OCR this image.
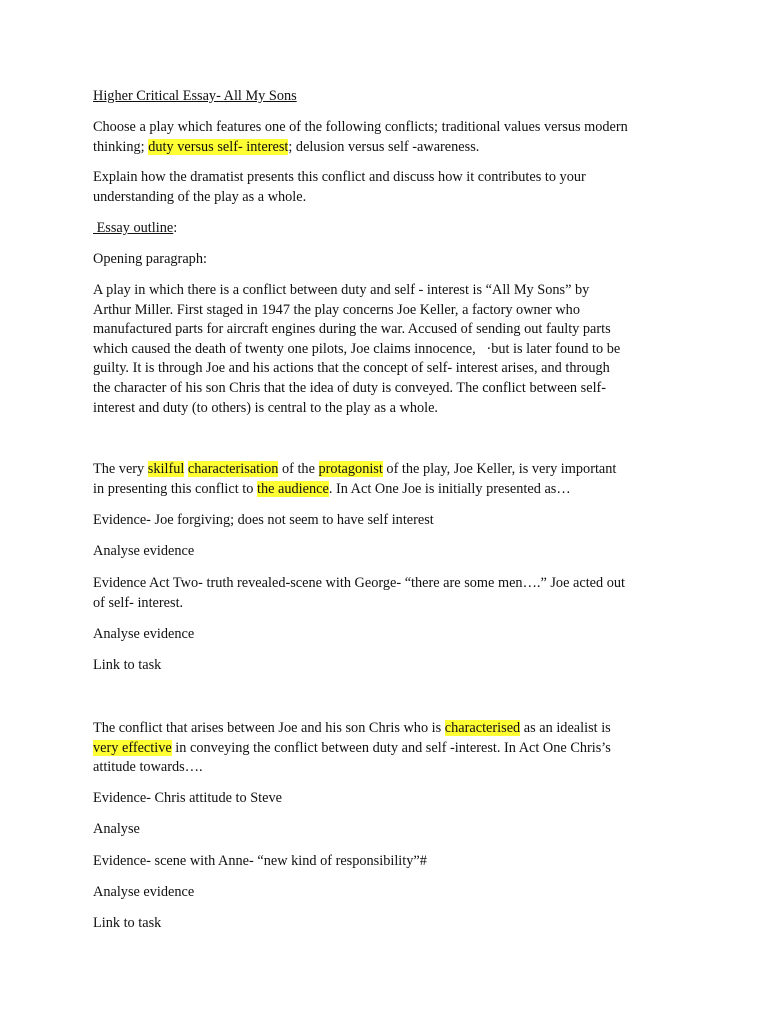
Higher Critical Essay- All My Sons

Choose a play which features one of the following conflicts; traditional values versus modern
thinking; duty versus self- interest; delusion versus self -awareness.

Explain how the dramatist presents this conflict and discuss how it contributes to your
understanding of the play as a whole.

Essay outline:

Opening paragraph:

A play in which there is a conflict between duty and self - interest is “All My Sons” by
Arthur Miller. First staged in 1947 the play concerns Joe Keller, a factory owner who
manufactured parts for aircraft engines during the war. Accused of sending out faulty parts
which caused the death of twenty one pilots, Joe claims innocence,   ·but is later found to be
guilty. It is through Joe and his actions that the concept of self- interest arises, and through
the character of his son Chris that the idea of duty is conveyed. The conflict between self-
interest and duty (to others) is central to the play as a whole.

The very skilful characterisation of the protagonist of the play, Joe Keller, is very important
in presenting this conflict to the audience. In Act One Joe is initially presented as…

Evidence- Joe forgiving; does not seem to have self interest

Analyse evidence

Evidence Act Two- truth revealed-scene with George- “there are some men….” Joe acted out
of self- interest.

Analyse evidence

Link to task

The conflict that arises between Joe and his son Chris who is characterised as an idealist is
very effective in conveying the conflict between duty and self -interest. In Act One Chris’s
attitude towards….

Evidence- Chris attitude to Steve

Analyse

Evidence- scene with Anne- “new kind of responsibility”#

Analyse evidence

Link to task
